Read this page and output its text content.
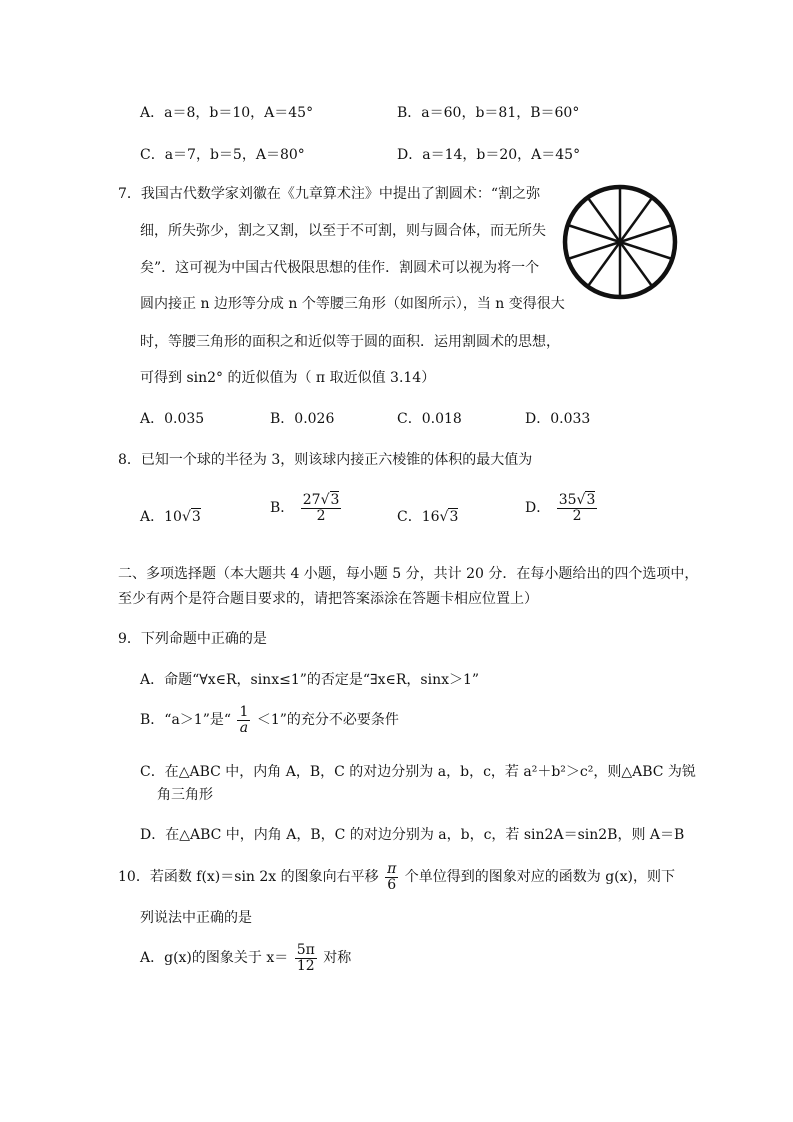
A．a＝8，b＝10，A＝45°	B．a＝60，b＝81，B＝60°
C．a＝7，b＝5，A＝80°	D．a＝14，b＝20，A＝45°
7．我国古代数学家刘徽在《九章算术注》中提出了割圆术：“割之弥
细，所失弥少，割之又割，以至于不可割，则与圆合体，而无所失
矣”．这可视为中国古代极限思想的佳作．割圆术可以视为将一个
圆内接正 n 边形等分成 n 个等腰三角形（如图所示），当 n 变得很大
时，等腰三角形的面积之和近似等于圆的面积．运用割圆术的思想，
可得到 sin2° 的近似值为（ π 取近似值 3.14）
A．0.035	B．0.026	C．0.018	D．0.033
8．已知一个球的半径为 3，则该球内接正六棱锥的体积的最大值为
A．10√3
B． $\frac{27√3}{2}$	C．16√3
D． $\frac{35√3}{2}$
二、多项选择题（本大题共 4 小题，每小题 5 分，共计 20 分．在每小题给出的四个选项中，
至少有两个是符合题目要求的，请把答案添涂在答题卡相应位置上）
9．下列命题中正确的是
A．命题“∀x∈R，sinx≤1”的否定是“∃x∈R，sinx＞1”
B．“a＞1”是“ $\frac{1}{a} <1$”的充分不必要条件
C．在△ABC 中，内角 A，B，C 的对边分别为 a，b，c，若 a²＋b²＞c²，则△ABC 为锐
角三角形
D．在△ABC 中，内角 A，B，C 的对边分别为 a，b，c，若 sin2A＝sin2B，则 A＝B
10．若函数 f(x)＝sin 2x 的图象向右平移 $\frac{\pi}{6}$ 个单位得到的图象对应的函数为 g(x)，则下
列说法中正确的是
A．g(x)的图象关于 $x= \frac{5\pi}{12}$ 对称
